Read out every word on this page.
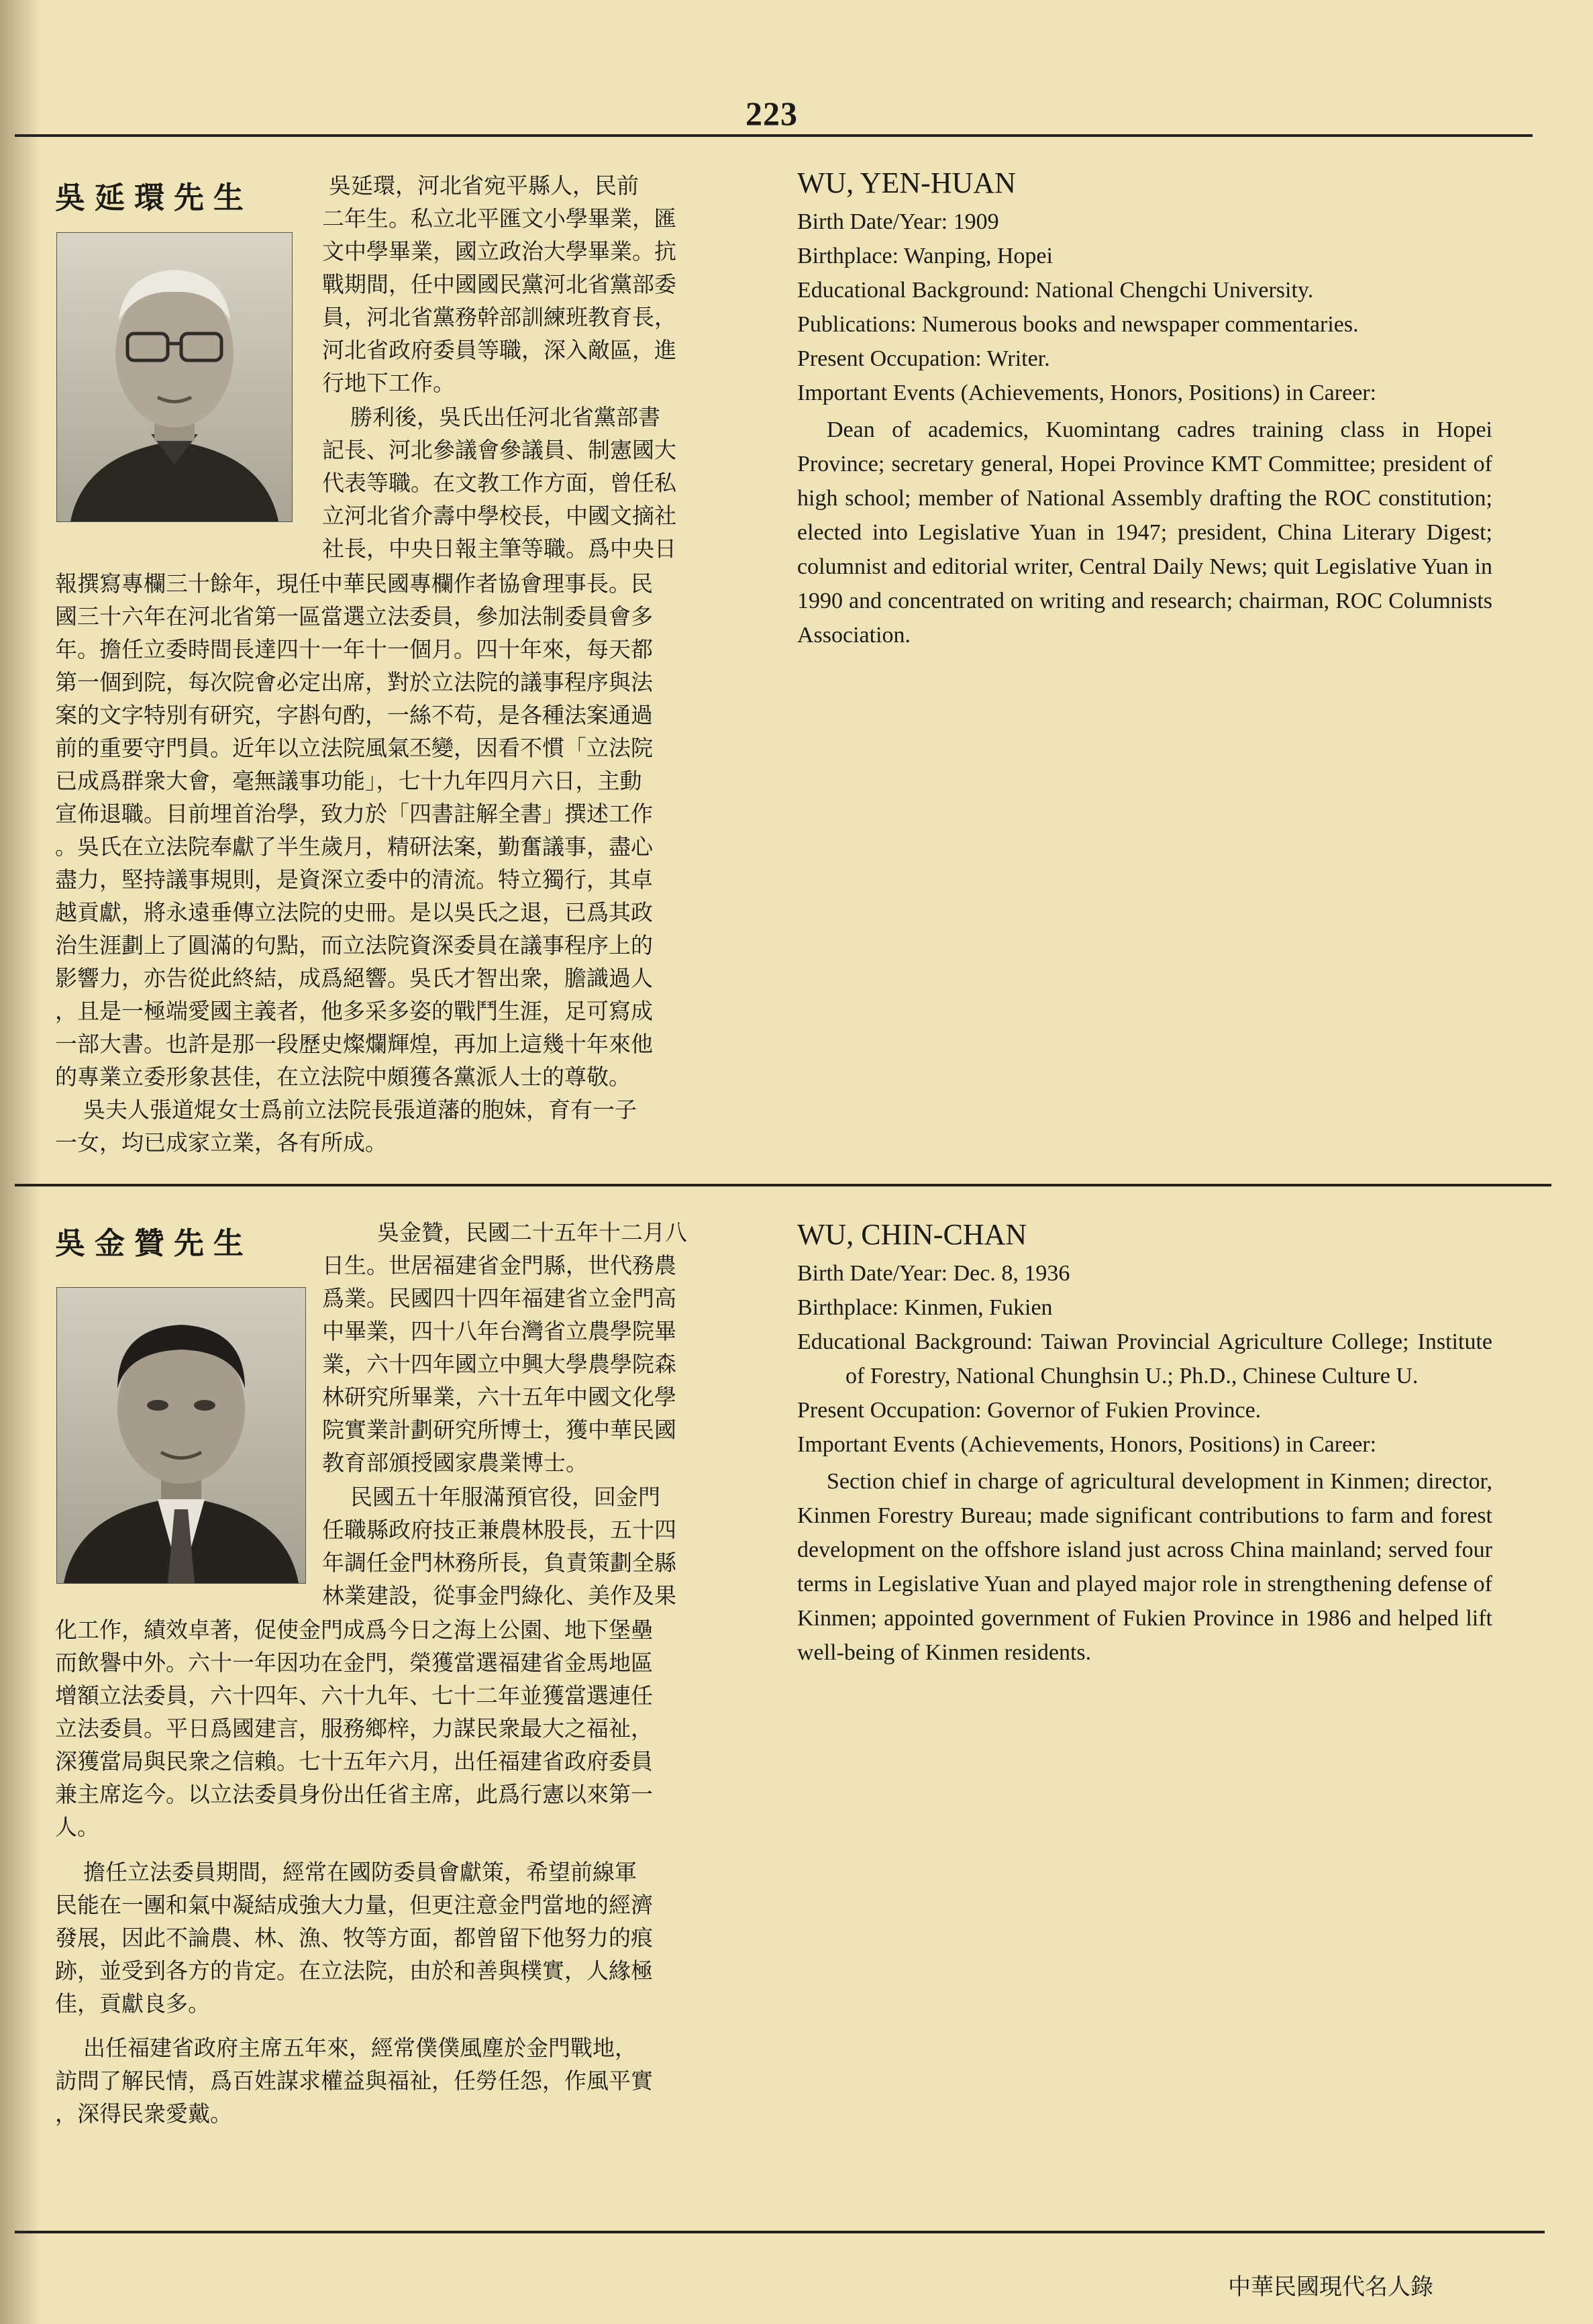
223
吳延環先生	吳延環，河北省宛平縣人，民前
二年生。私立北平匯文小學畢業，匯
文中學畢業，國立政治大學畢業。抗
戰期間，任中國國民黨河北省黨部委
員，河北省黨務幹部訓練班教育長，
河北省政府委員等職，深入敵區，進
行地下工作。
勝利後，吳氏出任河北省黨部書
記長、河北參議會參議員、制憲國大
代表等職。在文教工作方面，曾任私
立河北省介壽中學校長，中國文摘社
社長，中央日報主筆等職。爲中央日
報撰寫專欄三十餘年，現任中華民國專欄作者協會理事長。民
國三十六年在河北省第一區當選立法委員，參加法制委員會多
年。擔任立委時間長達四十一年十一個月。四十年來，每天都
第一個到院，每次院會必定出席，對於立法院的議事程序與法
案的文字特別有研究，字斟句酌，一絲不苟，是各種法案通過
前的重要守門員。近年以立法院風氣丕變，因看不慣「立法院
已成爲群衆大會，毫無議事功能」，七十九年四月六日，主動
宣佈退職。目前埋首治學，致力於「四書註解全書」撰述工作
。吳氏在立法院奉獻了半生歲月，精研法案，勤奮議事，盡心
盡力，堅持議事規則，是資深立委中的清流。特立獨行，其卓
越貢獻，將永遠垂傳立法院的史冊。是以吳氏之退，已爲其政
治生涯劃上了圓滿的句點，而立法院資深委員在議事程序上的
影響力，亦告從此終結，成爲絕響。吳氏才智出衆，膽識過人
，且是一極端愛國主義者，他多采多姿的戰鬥生涯，足可寫成
一部大書。也許是那一段歷史燦爛輝煌，再加上這幾十年來他
的專業立委形象甚佳，在立法院中頗獲各黨派人士的尊敬。
吳夫人張道焜女士爲前立法院長張道藩的胞妹，育有一子
一女，均已成家立業，各有所成。

WU, YEN-HUAN

Birth Date/Year: 1909

Birthplace: Wanping, Hopei

Educational Background: National Chengchi University.

Publications: Numerous books and newspaper commentaries.

Present Occupation: Writer.

Important Events (Achievements, Honors, Positions) in Career:

Dean of academics, Kuomintang cadres training class in Hopei Province; secretary general, Hopei Province KMT Committee; president of high school; member of National Assembly drafting the ROC constitution; elected into Legislative Yuan in 1947; president, China Literary Digest; columnist and editorial writer, Central Daily News; quit Legislative Yuan in 1990 and concentrated on writing and research; chairman, ROC Columnists Association.

吳金贊先生	吳金贊，民國二十五年十二月八
日生。世居福建省金門縣，世代務農
爲業。民國四十四年福建省立金門高
中畢業，四十八年台灣省立農學院畢
業，六十四年國立中興大學農學院森
林研究所畢業，六十五年中國文化學
院實業計劃研究所博士，獲中華民國
教育部頒授國家農業博士。
民國五十年服滿預官役，回金門
任職縣政府技正兼農林股長，五十四
年調任金門林務所長，負責策劃全縣
林業建設，從事金門綠化、美作及果
化工作，績效卓著，促使金門成爲今日之海上公園、地下堡壘
而飲譽中外。六十一年因功在金門，榮獲當選福建省金馬地區
增額立法委員，六十四年、六十九年、七十二年並獲當選連任
立法委員。平日爲國建言，服務鄉梓，力謀民衆最大之福祉，
深獲當局與民衆之信賴。七十五年六月，出任福建省政府委員
兼主席迄今。以立法委員身份出任省主席，此爲行憲以來第一
人。
擔任立法委員期間，經常在國防委員會獻策，希望前線軍
民能在一團和氣中凝結成強大力量，但更注意金門當地的經濟
發展，因此不論農、林、漁、牧等方面，都曾留下他努力的痕
跡，並受到各方的肯定。在立法院，由於和善與樸實，人緣極
佳，貢獻良多。
出任福建省政府主席五年來，經常僕僕風塵於金門戰地，
訪問了解民情，爲百姓謀求權益與福祉，任勞任怨，作風平實
，深得民衆愛戴。

WU, CHIN-CHAN

Birth Date/Year: Dec. 8, 1936

Birthplace: Kinmen, Fukien

Educational Background: Taiwan Provincial Agriculture College; Institute of Forestry, National Chunghsin U.; Ph.D., Chinese Culture U.

Present Occupation: Governor of Fukien Province.

Important Events (Achievements, Honors, Positions) in Career:

Section chief in charge of agricultural development in Kinmen; director, Kinmen Forestry Bureau; made significant contributions to farm and forest development on the offshore island just across China mainland; served four terms in Legislative Yuan and played major role in strengthening defense of Kinmen; appointed government of Fukien Province in 1986 and helped lift well-being of Kinmen residents.

中華民國現代名人錄
